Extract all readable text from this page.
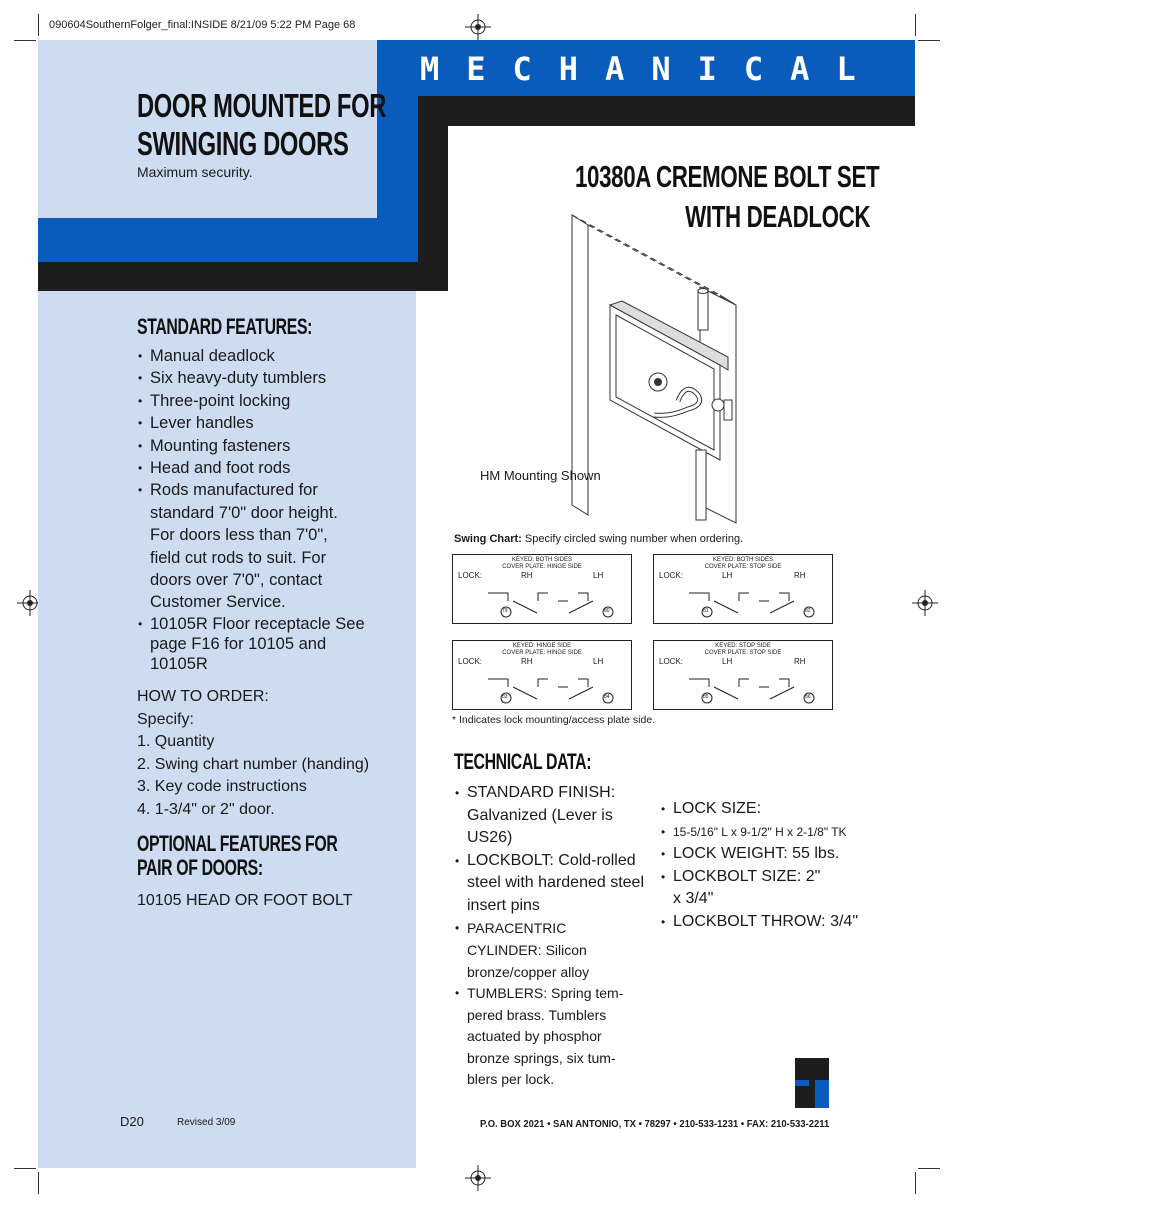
090604SouthernFolger_final:INSIDE 8/21/09 5:22 PM Page 68
MECHANICAL LOCKS
DOOR MOUNTED FOR
SWINGING DOORS
Maximum security.	10380A CREMONE BOLT SET
WITH DEADLOCK
HM Mounting Shown
STANDARD FEATURES:
• Manual deadlock
• Six heavy-duty tumblers
• Three-point locking
• Lever handles
• Mounting fasteners
• Head and foot rods
• Rods manufactured for standard 7'0" door height. For doors less than 7'0", field cut rods to suit. For doors over 7'0", contact Customer Service.
• 10105R Floor receptacle See page F16 for 10105 and 10105R
HOW TO ORDER:
Specify:
1. Quantity
2. Swing chart number (handing)
3. Key code instructions
4. 1-3/4" or 2" door.
OPTIONAL FEATURES FOR
PAIR OF DOORS:
10105 HEAD OR FOOT BOLT
Swing Chart: Specify circled swing number when ordering.
KEYED: BOTH SIDES
COVER PLATE: HINGE SIDE
LOCK:	RH	LH
79	80
KEYED: BOTH SIDES
COVER PLATE: STOP SIDE
LOCK:	LH	RH
81	82
KEYED: HINGE SIDE
COVER PLATE: HINGE SIDE
LOCK:	RH	LH
83	84
KEYED: STOP SIDE
COVER PLATE: STOP SIDE
LOCK:	LH	RH
85	86
* Indicates lock mounting/access plate side.
TECHNICAL DATA:
• STANDARD FINISH: Galvanized (Lever is US26)
• LOCKBOLT: Cold-rolled steel with hardened steel insert pins
• PARACENTRIC CYLINDER: Silicon bronze/copper alloy
• TUMBLERS: Spring tem-pered brass. Tumblers actuated by phosphor bronze springs, six tum-blers per lock.
• LOCK SIZE:
• 15-5/16" L x 9-1/2" H x 2-1/8" TK
• LOCK WEIGHT: 55 lbs.
• LOCKBOLT SIZE: 2" x 3/4"
• LOCKBOLT THROW: 3/4"
D20	Revised 3/09	P.O. BOX 2021 • SAN ANTONIO, TX • 78297 • 210-533-1231 • FAX: 210-533-2211
